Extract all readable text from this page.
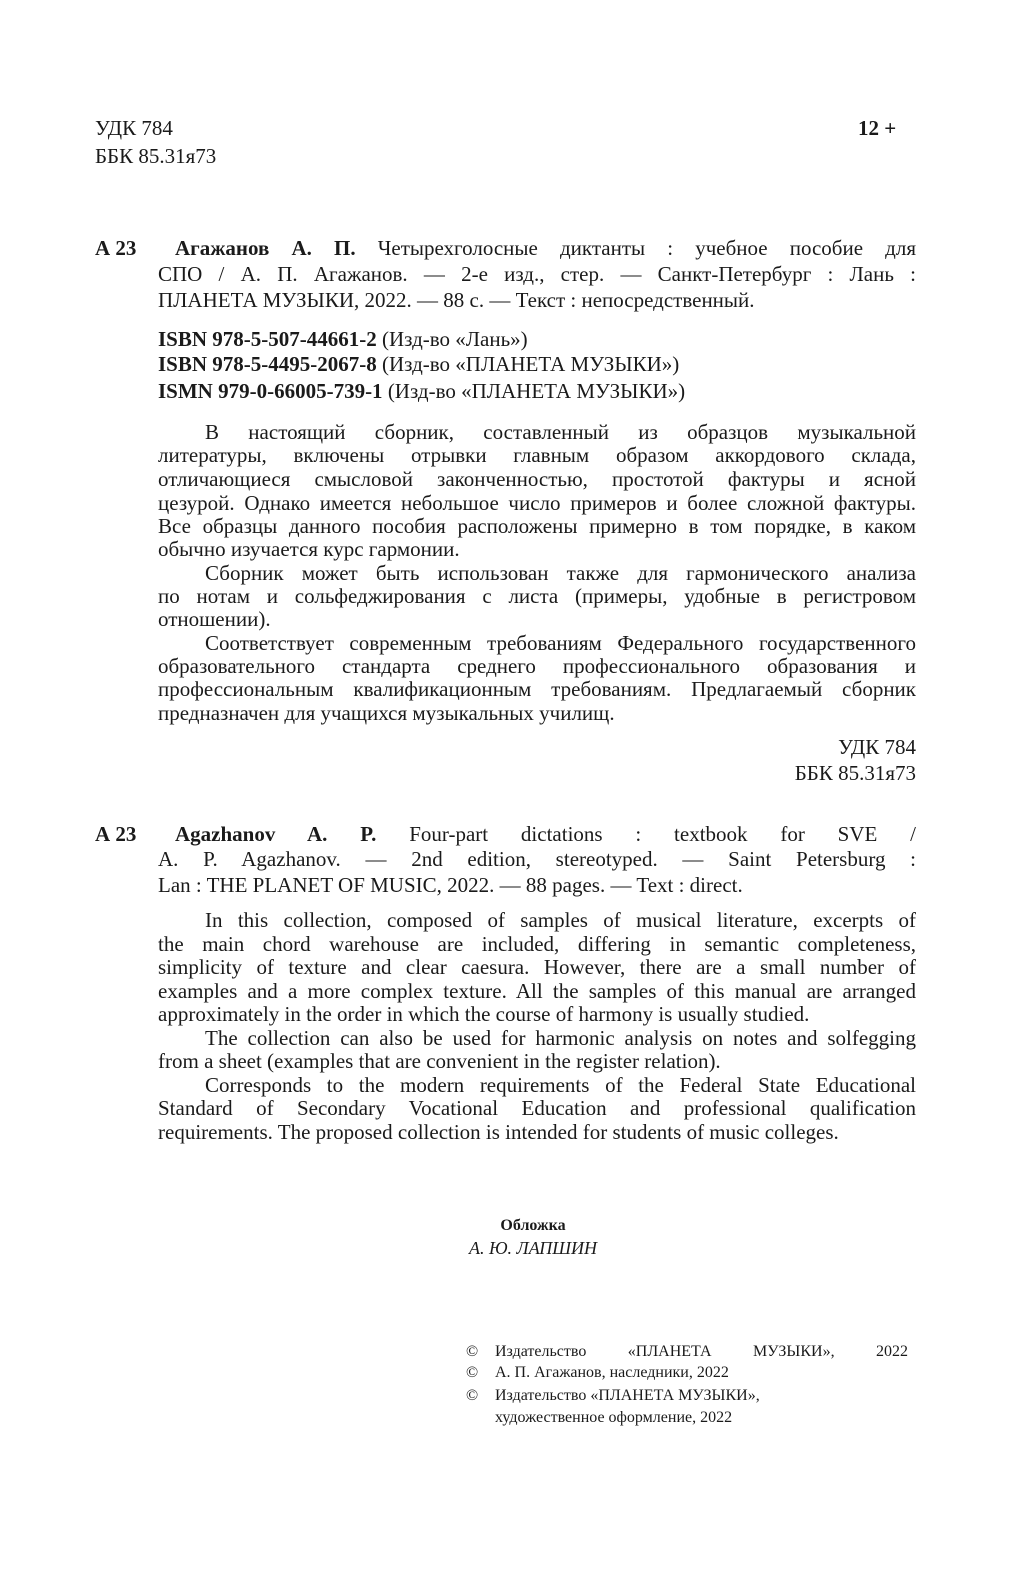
УДК 784
ББК 85.31я73
12 +
А 23
А 23
УДК 784
ББК 85.31я73
Обложка
А. Ю. ЛАПШИН
Агажанов А. П. Четырехголосные диктанты : учебное пособие для
СПО / А. П. Агажанов. — 2-е изд., стер. — Санкт-Петербург : Лань :
ПЛАНЕТА МУЗЫКИ, 2022. — 88 с. — Текст : непосредственный.
ISBN 978-5-507-44661-2 (Изд-во «Лань»)
ISBN 978-5-4495-2067-8 (Изд-во «ПЛАНЕТА МУЗЫКИ»)
ISMN 979-0-66005-739-1 (Изд-во «ПЛАНЕТА МУЗЫКИ»)
В настоящий сборник, составленный из образцов музыкальной
литературы, включены отрывки главным образом аккордового склада,
отличающиеся смысловой законченностью, простотой фактуры и ясной
цезурой. Однако имеется небольшое число примеров и более сложной фактуры.
Все образцы данного пособия расположены примерно в том порядке, в каком
обычно изучается курс гармонии.
Сборник может быть использован также для гармонического анализа
по нотам и сольфеджирования с листа (примеры, удобные в регистровом
отношении).
Соответствует современным требованиям Федерального государственного
образовательного стандарта среднего профессионального образования и
профессиональным квалификационным требованиям. Предлагаемый сборник
предназначен для учащихся музыкальных училищ.
Agazhanov A. P. Four-part dictations : textbook for SVE /
A. P. Agazhanov. — 2nd edition, stereotyped. — Saint Petersburg :
Lan : THE PLANET OF MUSIC, 2022. — 88 pages. — Text : direct.
In this collection, composed of samples of musical literature, excerpts of
the main chord warehouse are included, differing in semantic completeness,
simplicity of texture and clear caesura. However, there are a small number of
examples and a more complex texture. All the samples of this manual are arranged
approximately in the order in which the course of harmony is usually studied.
The collection can also be used for harmonic analysis on notes and solfegging
from a sheet (examples that are convenient in the register relation).
Corresponds to the modern requirements of the Federal State Educational
Standard of Secondary Vocational Education and professional qualification
requirements. The proposed collection is intended for students of music colleges.
©
©
©
Издательство «ПЛАНЕТА МУЗЫКИ», 2022
А. П. Агажанов, наследники, 2022
Издательство «ПЛАНЕТА МУЗЫКИ»,
художественное оформление, 2022
